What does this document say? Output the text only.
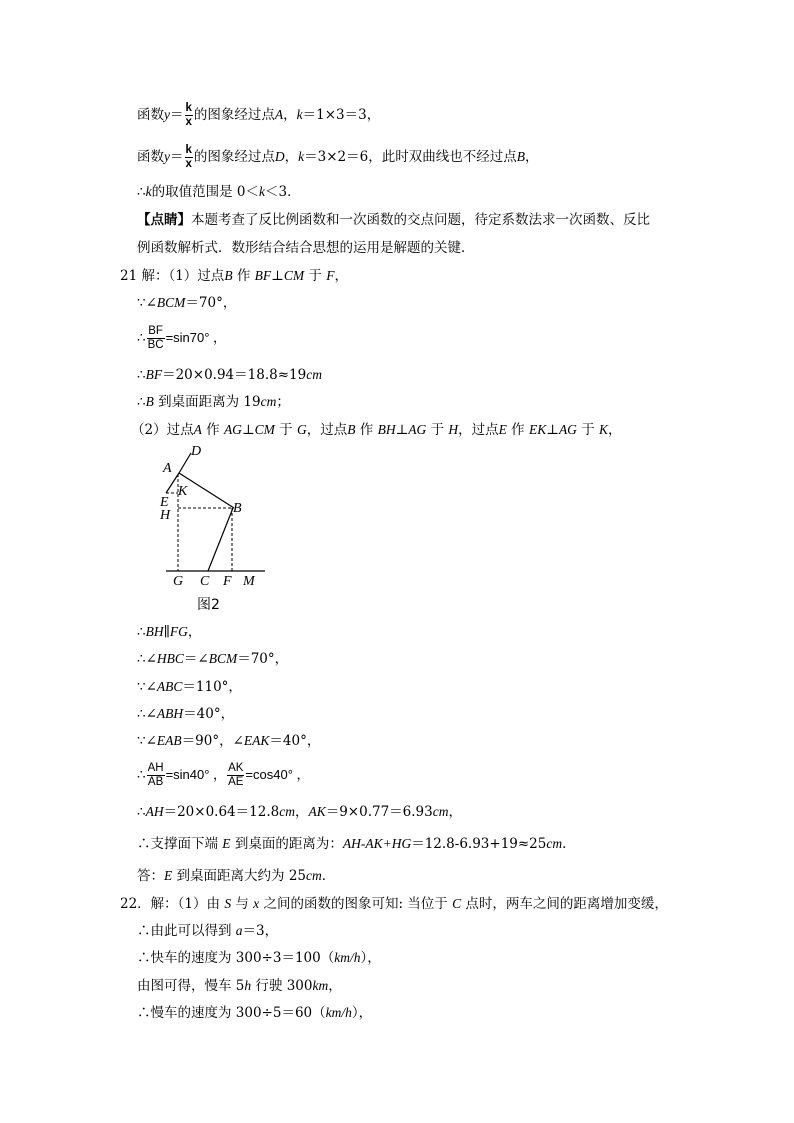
函数$y= \frac{k}{x}$ 的图象经过点A，k＝1×3＝3，
函数$y= \frac{k}{x}$ 的图象经过点D，k＝3×2＝6，此时双曲线也不经过点B，
∴k的取值范围是 0＜k＜3．
【点睛】本题考查了反比例函数和一次函数的交点问题，待定系数法求一次函数、反比
例函数解析式．数形结合结合思想的运用是解题的关键．
21 解：（1）过点B 作 BF⊥CM 于 F，
∵∠BCM＝70°，
∴ $\frac{BF}{BC} =\sin 70^\circ$ ，
∴BF＝20×0.94＝18.8≈19cm
∴B 到桌面距离为 19cm；
（2）过点A 作 AG⊥CM 于 G，过点B 作 BH⊥AG 于 H，过点E 作 EK⊥AG 于 K，
D
A
K
E
H	B
G C F M
图2
∴BH∥FG，
∴∠HBC＝∠BCM＝70°，
∵∠ABC＝110°，
∴∠ABH＝40°，
∵∠EAB＝90°，∠EAK＝40°，
∴ $\frac{AH}{AB} =\sin 40^\circ$ ， $\frac{AK}{AE} =\cos 40^\circ$ ，
∴AH＝20×0.64＝12.8cm，AK＝9×0.77＝6.93cm，
∴支撑面下端 E 到桌面的距离为：AH-AK+HG＝12.8-6.93+19≈25cm．
答：E 到桌面距离大约为 25cm．
22．解：（1）由 S 与 x 之间的函数的图象可知: 当位于 C 点时，两车之间的距离增加变缓，
∴由此可以得到 a＝3，
∴快车的速度为 300÷3＝100（km/h），
由图可得，慢车 5h 行驶 300km，
∴慢车的速度为 300÷5＝60（km/h），
